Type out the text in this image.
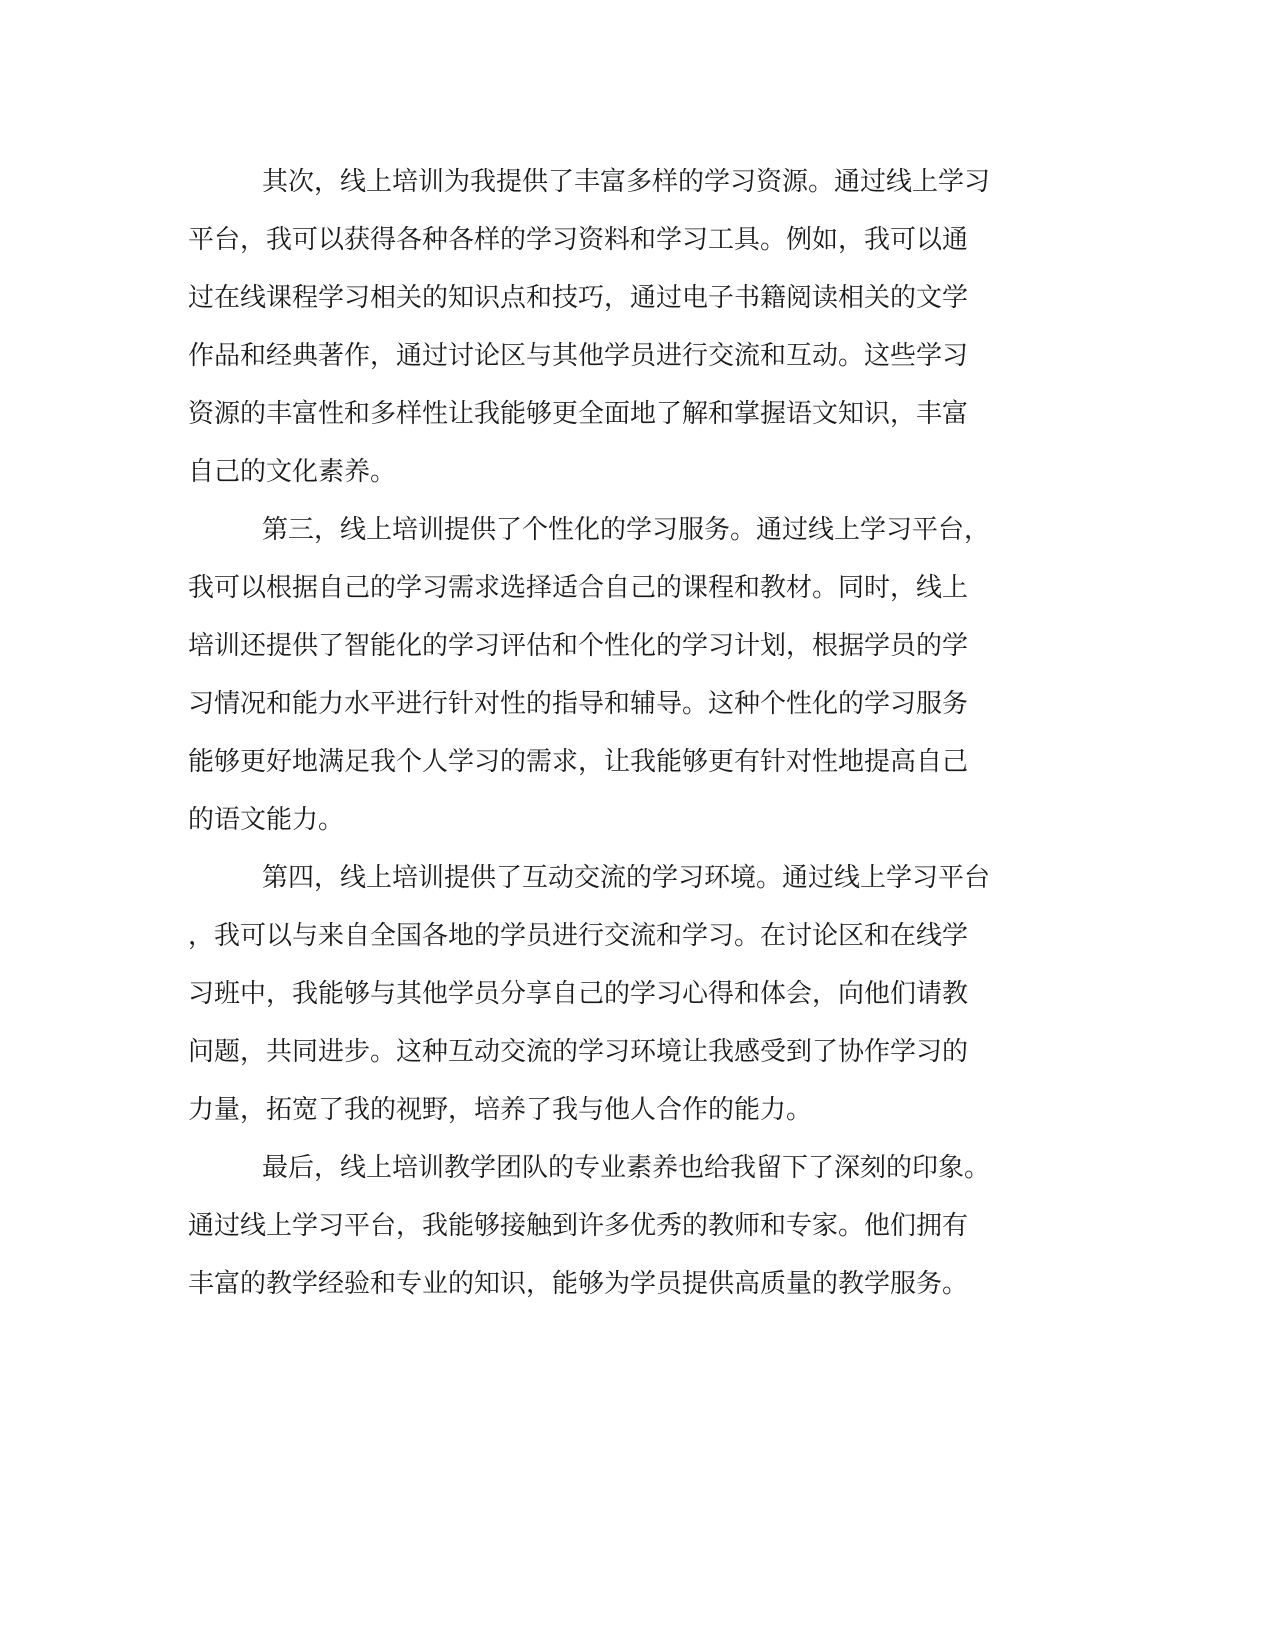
其次，线上培训为我提供了丰富多样的学习资源。通过线上学习
平台，我可以获得各种各样的学习资料和学习工具。例如，我可以通
过在线课程学习相关的知识点和技巧，通过电子书籍阅读相关的文学
作品和经典著作，通过讨论区与其他学员进行交流和互动。这些学习
资源的丰富性和多样性让我能够更全面地了解和掌握语文知识，丰富
自己的文化素养。
第三，线上培训提供了个性化的学习服务。通过线上学习平台，
我可以根据自己的学习需求选择适合自己的课程和教材。同时，线上
培训还提供了智能化的学习评估和个性化的学习计划，根据学员的学
习情况和能力水平进行针对性的指导和辅导。这种个性化的学习服务
能够更好地满足我个人学习的需求，让我能够更有针对性地提高自己
的语文能力。
第四，线上培训提供了互动交流的学习环境。通过线上学习平台
，我可以与来自全国各地的学员进行交流和学习。在讨论区和在线学
习班中，我能够与其他学员分享自己的学习心得和体会，向他们请教
问题，共同进步。这种互动交流的学习环境让我感受到了协作学习的
力量，拓宽了我的视野，培养了我与他人合作的能力。
最后，线上培训教学团队的专业素养也给我留下了深刻的印象。
通过线上学习平台，我能够接触到许多优秀的教师和专家。他们拥有
丰富的教学经验和专业的知识，能够为学员提供高质量的教学服务。
